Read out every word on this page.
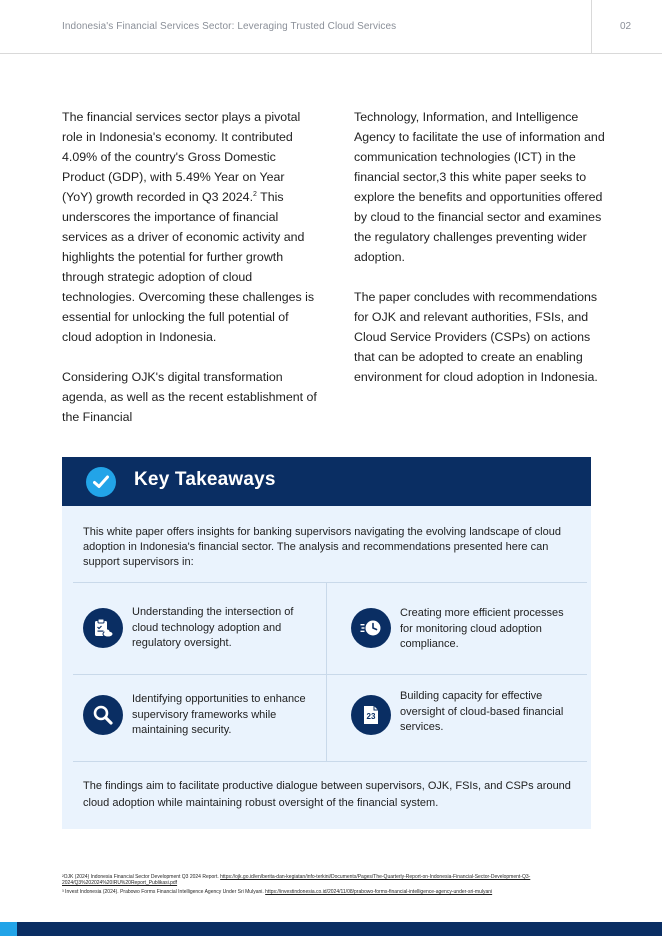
Indonesia's Financial Services Sector: Leveraging Trusted Cloud Services	02

The financial services sector plays a pivotal role in Indonesia's economy. It contributed 4.09% of the country's Gross Domestic Product (GDP), with 5.49% Year on Year (YoY) growth recorded in Q3 2024.$^2$ This underscores the importance of financial services as a driver of economic activity and highlights the potential for further growth through strategic adoption of cloud technologies. Overcoming these challenges is essential for unlocking the full potential of cloud adoption in Indonesia.

Considering OJK's digital transformation agenda, as well as the recent establishment of the Financial

Technology, Information, and Intelligence Agency to facilitate the use of information and communication technologies (ICT) in the financial sector,3 this white paper seeks to explore the benefits and opportunities offered by cloud to the financial sector and examines the regulatory challenges preventing wider adoption.

The paper concludes with recommendations for OJK and relevant authorities, FSIs, and Cloud Service Providers (CSPs) on actions that can be adopted to create an enabling environment for cloud adoption in Indonesia.

Key Takeaways
This white paper offers insights for banking supervisors navigating the evolving landscape of cloud adoption in Indonesia's financial sector. The analysis and recommendations presented here can support supervisors in:
Understanding the intersection of cloud technology adoption and regulatory oversight.
Creating more efficient processes for monitoring cloud adoption compliance.
Identifying opportunities to enhance supervisory frameworks while maintaining security.
23
Building capacity for effective oversight of cloud-based financial services.
The findings aim to facilitate productive dialogue between supervisors, OJK, FSIs, and CSPs around cloud adoption while maintaining robust oversight of the financial system.
²OJK (2024) Indonesia Financial Sector Development Q3 2024 Report. https://ojk.go.id/en/berita-dan-kegiatan/info-terkini/Documents/Pages/The-Quarterly-Report-on-Indonesia-Financial-Sector-Development-Q3-2024/Q3%202024%20IRU%20Report_Publikasi.pdf
³ Invest Indonesia (2024). Prabowo Forms Financial Intelligence Agency Under Sri Mulyani. https://investindonesia.co.id/2024/11/08/prabowo-forms-financial-intelligence-agency-under-sri-mulyani
